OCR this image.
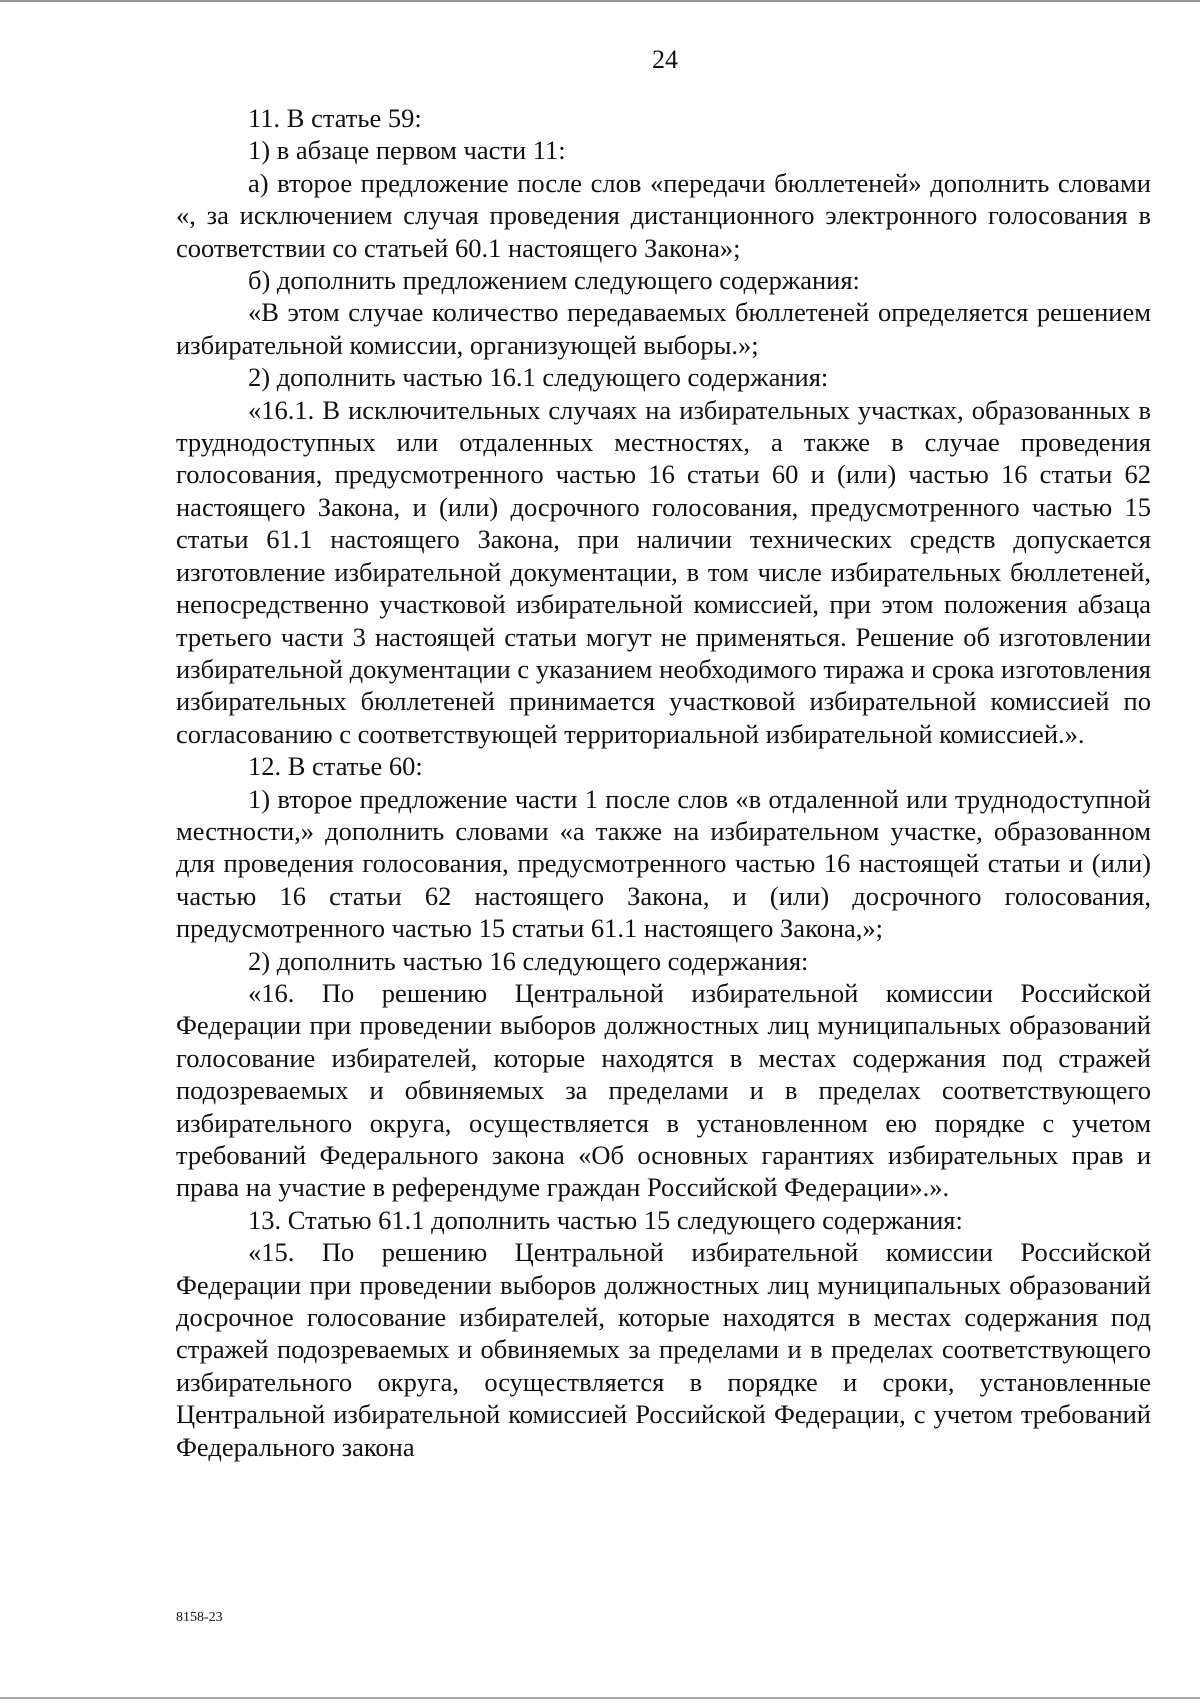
24

11. В статье 59:

1) в абзаце первом части 11:

а) второе предложение после слов «передачи бюллетеней» дополнить словами «, за исключением случая проведения дистанционного электронного голосования в соответствии со статьей 60.1 настоящего Закона»;

б) дополнить предложением следующего содержания:

«В этом случае количество передаваемых бюллетеней определяется решением избирательной комиссии, организующей выборы.»;

2) дополнить частью 16.1 следующего содержания:

«16.1. В исключительных случаях на избирательных участках, образованных в труднодоступных или отдаленных местностях, а также в случае проведения голосования, предусмотренного частью 16 статьи 60 и (или) частью 16 статьи 62 настоящего Закона, и (или) досрочного голосования, предусмотренного частью 15 статьи 61.1 настоящего Закона, при наличии технических средств допускается изготовление избирательной документации, в том числе избирательных бюллетеней, непосредственно участковой избирательной комиссией, при этом положения абзаца третьего части 3 настоящей статьи могут не применяться. Решение об изготовлении избирательной документации с указанием необходимого тиража и срока изготовления избирательных бюллетеней принимается участковой избирательной комиссией по согласованию с соответствующей территориальной избирательной комиссией.».

12. В статье 60:

1) второе предложение части 1 после слов «в отдаленной или труднодоступной местности,» дополнить словами «а также на избирательном участке, образованном для проведения голосования, предусмотренного частью 16 настоящей статьи и (или) частью 16 статьи 62 настоящего Закона, и (или) досрочного голосования, предусмотренного частью 15 статьи 61.1 настоящего Закона,»;

2) дополнить частью 16 следующего содержания:

«16. По решению Центральной избирательной комиссии Российской Федерации при проведении выборов должностных лиц муниципальных образований голосование избирателей, которые находятся в местах содержания под стражей подозреваемых и обвиняемых за пределами и в пределах соответствующего избирательного округа, осуществляется в установленном ею порядке с учетом требований Федерального закона «Об основных гарантиях избирательных прав и права на участие в референдуме граждан Российской Федерации».».

13. Статью 61.1 дополнить частью 15 следующего содержания:

«15. По решению Центральной избирательной комиссии Российской Федерации при проведении выборов должностных лиц муниципальных образований досрочное голосование избирателей, которые находятся в местах содержания под стражей подозреваемых и обвиняемых за пределами и в пределах соответствующего избирательного округа, осуществляется в порядке и сроки, установленные Центральной избирательной комиссией Российской Федерации, с учетом требований Федерального закона

8158-23
